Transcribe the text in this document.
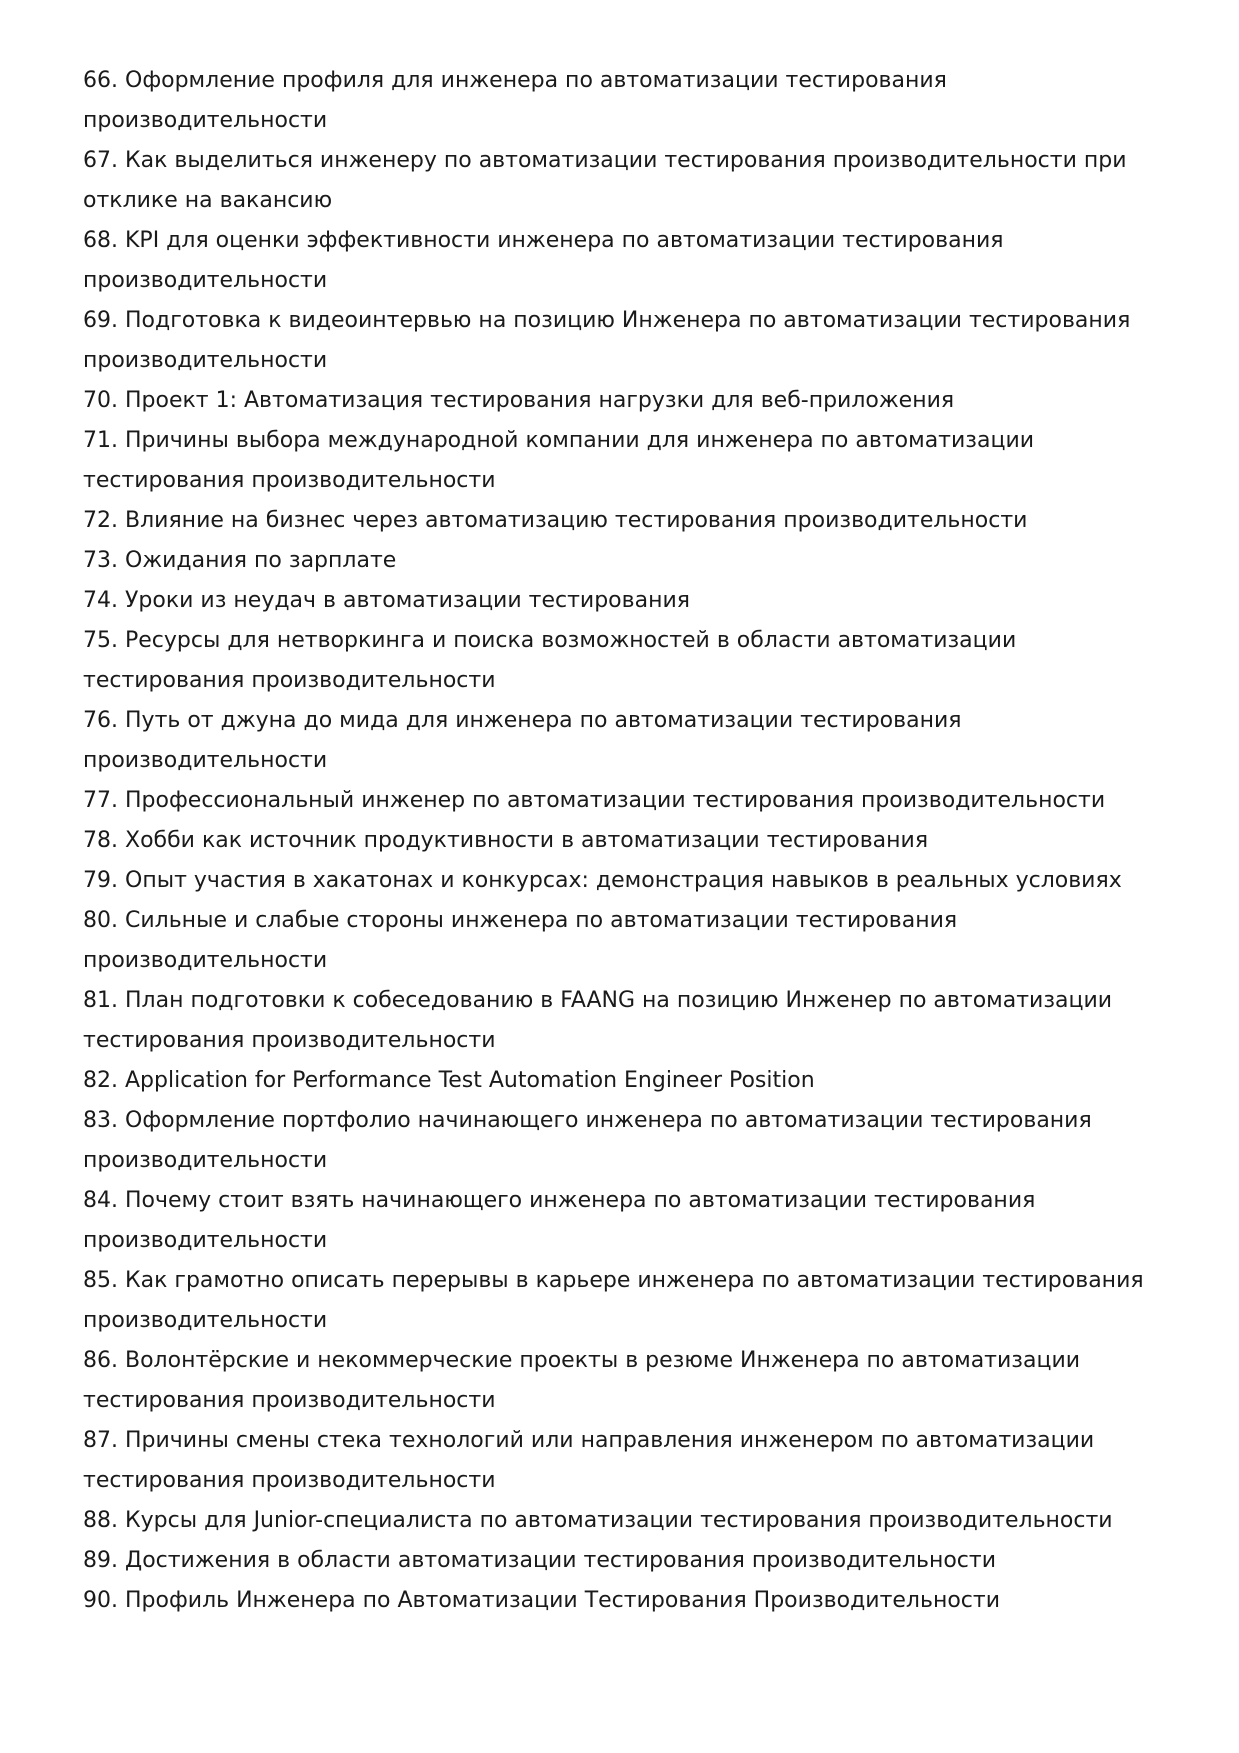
66. Оформление профиля для инженера по автоматизации тестирования производительности
67. Как выделиться инженеру по автоматизации тестирования производительности при отклике на вакансию
68. KPI для оценки эффективности инженера по автоматизации тестирования производительности
69. Подготовка к видеоинтервью на позицию Инженера по автоматизации тестирования производительности
70. Проект 1: Автоматизация тестирования нагрузки для веб-приложения
71. Причины выбора международной компании для инженера по автоматизации тестирования производительности
72. Влияние на бизнес через автоматизацию тестирования производительности
73. Ожидания по зарплате
74. Уроки из неудач в автоматизации тестирования
75. Ресурсы для нетворкинга и поиска возможностей в области автоматизации тестирования производительности
76. Путь от джуна до мида для инженера по автоматизации тестирования производительности
77. Профессиональный инженер по автоматизации тестирования производительности
78. Хобби как источник продуктивности в автоматизации тестирования
79. Опыт участия в хакатонах и конкурсах: демонстрация навыков в реальных условиях
80. Сильные и слабые стороны инженера по автоматизации тестирования производительности
81. План подготовки к собеседованию в FAANG на позицию Инженер по автоматизации тестирования производительности
82. Application for Performance Test Automation Engineer Position
83. Оформление портфолио начинающего инженера по автоматизации тестирования производительности
84. Почему стоит взять начинающего инженера по автоматизации тестирования производительности
85. Как грамотно описать перерывы в карьере инженера по автоматизации тестирования производительности
86. Волонтёрские и некоммерческие проекты в резюме Инженера по автоматизации тестирования производительности
87. Причины смены стека технологий или направления инженером по автоматизации тестирования производительности
88. Курсы для Junior-специалиста по автоматизации тестирования производительности
89. Достижения в области автоматизации тестирования производительности
90. Профиль Инженера по Автоматизации Тестирования Производительности
